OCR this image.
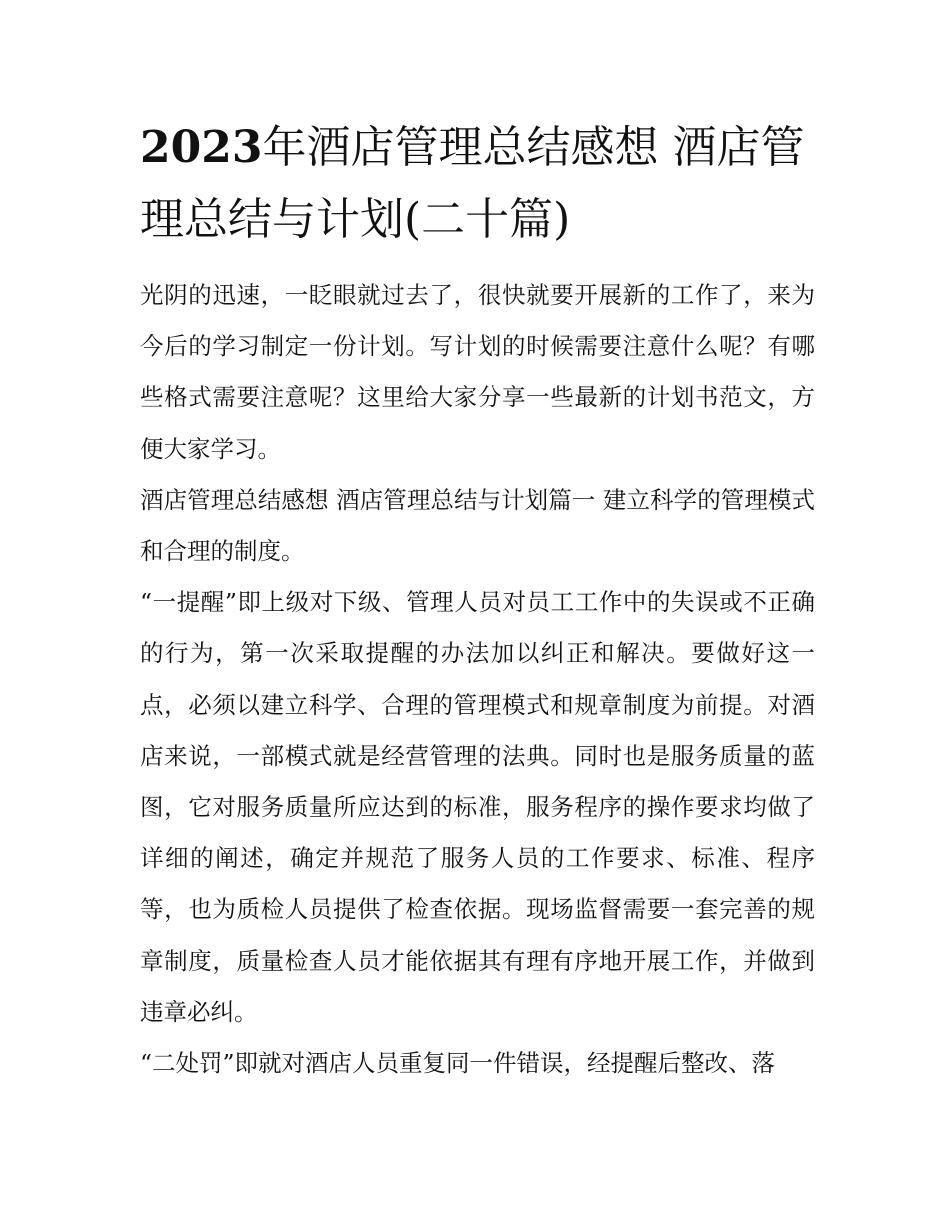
2023年酒店管理总结感想 酒店管理总结与计划(二十篇)

光阴的迅速，一眨眼就过去了，很快就要开展新的工作了，来为今后的学习制定一份计划。写计划的时候需要注意什么呢？有哪些格式需要注意呢？这里给大家分享一些最新的计划书范文，方便大家学习。

酒店管理总结感想 酒店管理总结与计划篇一 建立科学的管理模式和合理的制度。

“一提醒”即上级对下级、管理人员对员工工作中的失误或不正确的行为，第一次采取提醒的办法加以纠正和解决。要做好这一点，必须以建立科学、合理的管理模式和规章制度为前提。对酒店来说，一部模式就是经营管理的法典。同时也是服务质量的蓝图，它对服务质量所应达到的标准，服务程序的操作要求均做了详细的阐述，确定并规范了服务人员的工作要求、标准、程序等，也为质检人员提供了检查依据。现场监督需要一套完善的规章制度，质量检查人员才能依据其有理有序地开展工作，并做到违章必纠。

“二处罚”即就对酒店人员重复同一件错误，经提醒后整改、落
